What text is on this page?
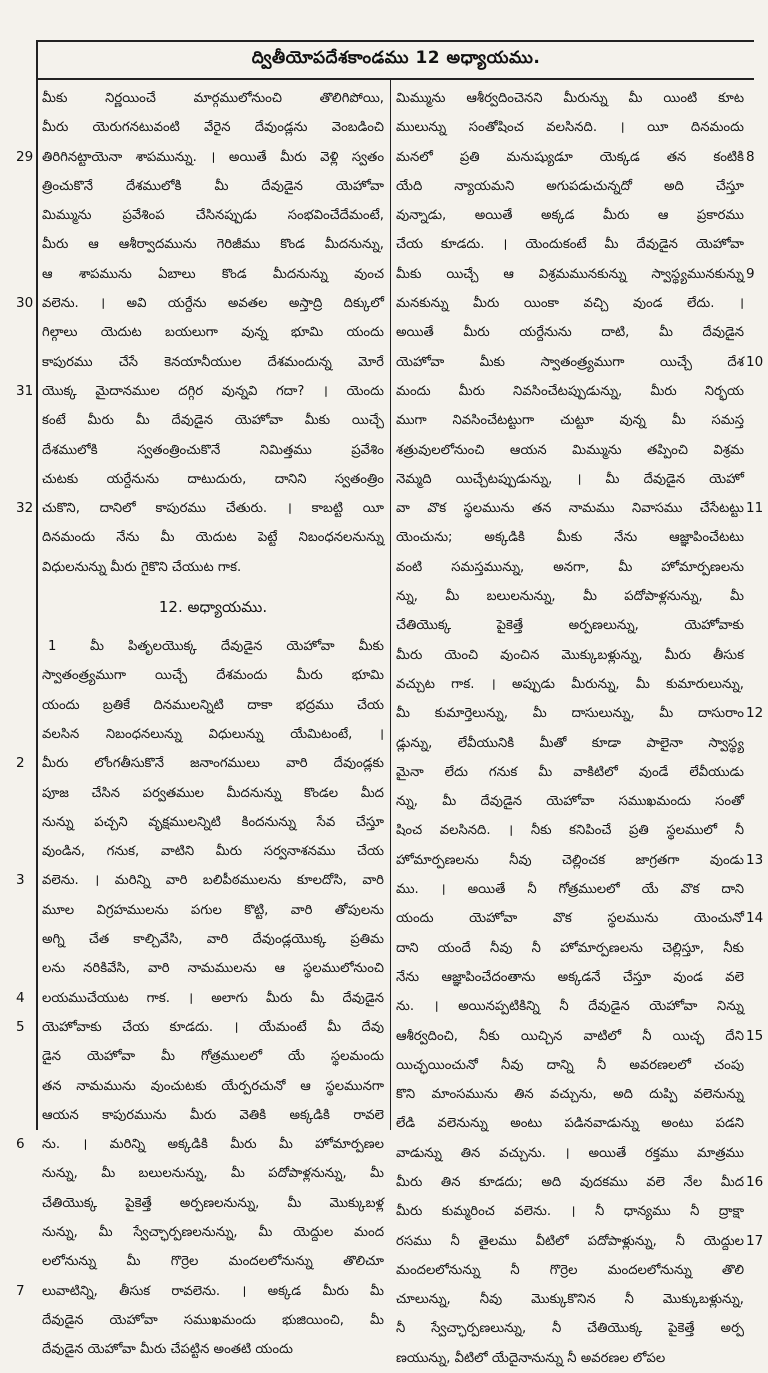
ద్వితీయోపదేశకాండము 12 అధ్యాయము.
మీకు నిర్ణయించే మార్గములోనుంచి తొలిగిపోయి,
మీరు యెరుగనటువంటి వేరైన దేవుండ్లను వెంబడించి
29 తిరిగినట్టాయెనా శాపమున్ను. । అయితే మీరు వెళ్లి స్వతం
త్రించుకొనే దేశములోకి మీ దేవుడైన యెహోవా
మిమ్మును ప్రవేశింప చేసినప్పుడు సంభవించేదేమంటే,
మీరు ఆ ఆశీర్వాదమును గెరిజీము కొండ మీదనున్ను,
ఆ శాపమును ఏబాలు కొండ మీదనున్ను వుంచ
30 వలెను. । అవి యర్దేను అవతల అస్తాద్రి దిక్కులో
గిల్గాలు యెదుట బయలుగా వున్న భూమి యందు
కాపురము చేసే కెనయానీయుల దేశమందున్న మోరే
31 యొక్క మైదానముల దగ్గిర వున్నవి గదా? । యెందు
కంటే మీరు మీ దేవుడైన యెహోవా మీకు యిచ్చే
దేశములోకి స్వతంత్రించుకొనే నిమిత్తము ప్రవేశిం
చుటకు యర్దేనును దాటుదురు, దానిని స్వతంత్రిం
32 చుకొని, దానిలో కాపురము చేతురు. । కాబట్టి యీ
దినమందు నేను మీ యెదుట పెట్టే నిబంధనలనున్ను
విధులనున్ను మీరు గైకొని చేయుట గాక.
12. అధ్యాయము.
1	మీ పితృలయొక్క దేవుడైన యెహోవా మీకు
స్వాతంత్ర్యముగా యిచ్చే దేశమందు మీరు భూమి
యందు బ్రతికే దినములన్నిటి దాకా భద్రము చేయ
వలసిన నిబంధనలున్ను విధులున్ను యేమిటంటే, ।
2	మీరు లోంగతీసుకొనే జనాంగములు వారి దేవుండ్లకు
పూజ చేసిన పర్వతముల మీదనున్ను కొండల మీద
నున్ను పచ్చని వృక్షములన్నిటి కిందనున్ను సేవ చేస్తూ
వుండిన, గనుక, వాటిని మీరు సర్వనాశనము చేయ
3	వలెను. । మరిన్ని వారి బలిపీఠములను కూలదోసి, వారి
మూల విగ్రహములను పగుల కొట్టి, వారి తోపులను
అగ్ని చేత కాల్చివేసి, వారి దేవుండ్లయొక్క ప్రతిమ
లను నరికివేసి, వారి నామములను ఆ స్థలములోనుంచి
4	లయముచేయుట గాక. । అలాగు మీరు మీ దేవుడైన
5	యెహోవాకు చేయ కూడదు. । యేమంటే మీ దేవు
డైన యెహోవా మీ గోత్రములలో యే స్థలమందు
తన నామమును వుంచుటకు యేర్పరచునో ఆ స్థలమునగా
ఆయన కాపురమును మీరు వెతికి అక్కడికి రావలె
6	ను. । మరిన్ని అక్కడికి మీరు మీ హోమార్పణల
నున్ను, మీ బలులనున్ను, మీ పదోపాళ్లనున్ను, మీ
చేతియొక్క పైకెత్తే అర్పణలనున్ను, మీ మొక్కుబళ్ల
నున్ను, మీ స్వేచ్ఛార్పణలనున్ను, మీ యెద్దుల మంద
లలోనున్ను మీ గొర్రెల మందలలోనున్ను తొలిచూ
7	లువాటిన్ని, తీసుక రావలెను. । అక్కడ మీరు మీ
దేవుడైన యెహోవా సముఖమందు భుజియించి, మీ
దేవుడైన యెహోవా మీరు చేపట్టిన అంతటి యందు
మిమ్మును ఆశీర్వదించెనని మీరున్ను మీ యింటి కూట
ములున్ను సంతోషించ వలసినది. । యీ దినమందు
8
మనలో ప్రతి మనుష్యుడూ యెక్కడ తన కంటికి
యేది న్యాయమని అగుపడుచున్నదో అది చేస్తూ
వున్నాడు, అయితే అక్కడ మీరు ఆ ప్రకారము
చేయ కూడదు. । యెందుకంటే మీ దేవుడైన యెహోవా
9
మీకు యిచ్చే ఆ విశ్రమమునకున్ను స్వాస్థ్యమునకున్ను
మనకున్ను మీరు యింకా వచ్చి వుండ లేదు. ।
అయితే మీరు యర్దేనును దాటి, మీ దేవుడైన
10
యెహోవా మీకు స్వాతంత్ర్యముగా యిచ్చే దేశ
మందు మీరు నివసించేటప్పుడున్ను, మీరు నిర్భయ
ముగా నివసించేటట్టుగా చుట్టూ వున్న మీ సమస్త
శత్రువులలోనుంచి ఆయన మిమ్మును తప్పించి విశ్రమ
నెమ్మది యిచ్చేటప్పుడున్ను, । మీ దేవుడైన యెహో
11
వా వొక స్థలమును తన నామము నివాసము చేసేటట్టు
యెంచును; అక్కడికి మీకు నేను ఆజ్ఞాపించేటటు
వంటి సమస్తమున్ను, అనగా, మీ హోమార్పణలను
న్ను, మీ బలులనున్ను, మీ పదోపాళ్లనున్ను, మీ
చేతియొక్క పైకెత్తే అర్పణలున్ను, యెహోవాకు
మీరు యెంచి వుంచిన మొక్కుబళ్లున్ను, మీరు తీసుక
వచ్చుట గాక. । అప్పుడు మీరున్ను, మీ కుమారులున్ను,
12
మీ కుమార్తెలున్ను, మీ దాసులున్ను, మీ దాసురాం
డ్లున్ను, లేవీయునికి మీతో కూడా పాలైనా స్వాస్థ్య
మైనా లేదు గనుక మీ వాకిటిలో వుండే లేవీయుడు
న్ను, మీ దేవుడైన యెహోవా సముఖమందు సంతో
షించ వలసినది. । నీకు కనిపించే ప్రతి స్థలములో నీ
13
హోమార్పణలను నీవు చెల్లించక జాగ్రతగా వుండు
ము. । అయితే నీ గోత్రములలో యే వొక దాని
14
యందు యెహోవా వొక స్థలమును యెంచునో
దాని యందే నీవు నీ హోమార్పణలను చెల్లిస్తూ, నీకు
నేను ఆజ్ఞాపించేదంతాను అక్కడనే చేస్తూ వుండ వలె
ను. । అయినప్పటికిన్ని నీ దేవుడైన యెహోవా నిన్ను
15
ఆశీర్వదించి, నీకు యిచ్చిన వాటిలో నీ యిచ్ఛ దేని
యిచ్ఛయించునో నీవు దాన్ని నీ అవరణలలో చంపు
కొని మాంసమును తిన వచ్చును, అది దుప్పి వలెనున్ను
లేడి వలెనున్ను అంటు పడినవాడున్ను అంటు పడని
వాడున్ను తిన వచ్చును. । అయితే రక్తము మాత్రము
16
మీరు తిన కూడదు; అది వుదకము వలె నేల మీద
మీరు కుమ్మరించ వలెను. । నీ ధాన్యము నీ ద్రాక్షా
17
రసము నీ తైలము వీటిలో పదోపాళ్లున్ను, నీ యెద్దుల
మందలలోనున్ను నీ గొర్రెల మందలలోనున్ను తొలి
చూలున్ను, నీవు మొక్కుకొనిన నీ మొక్కుబళ్లున్ను,
నీ స్వేచ్ఛార్పణలున్ను, నీ చేతియొక్క పైకెత్తే అర్ప
ణయున్ను, వీటిలో యేదైనానున్ను నీ అవరణల లోపల
